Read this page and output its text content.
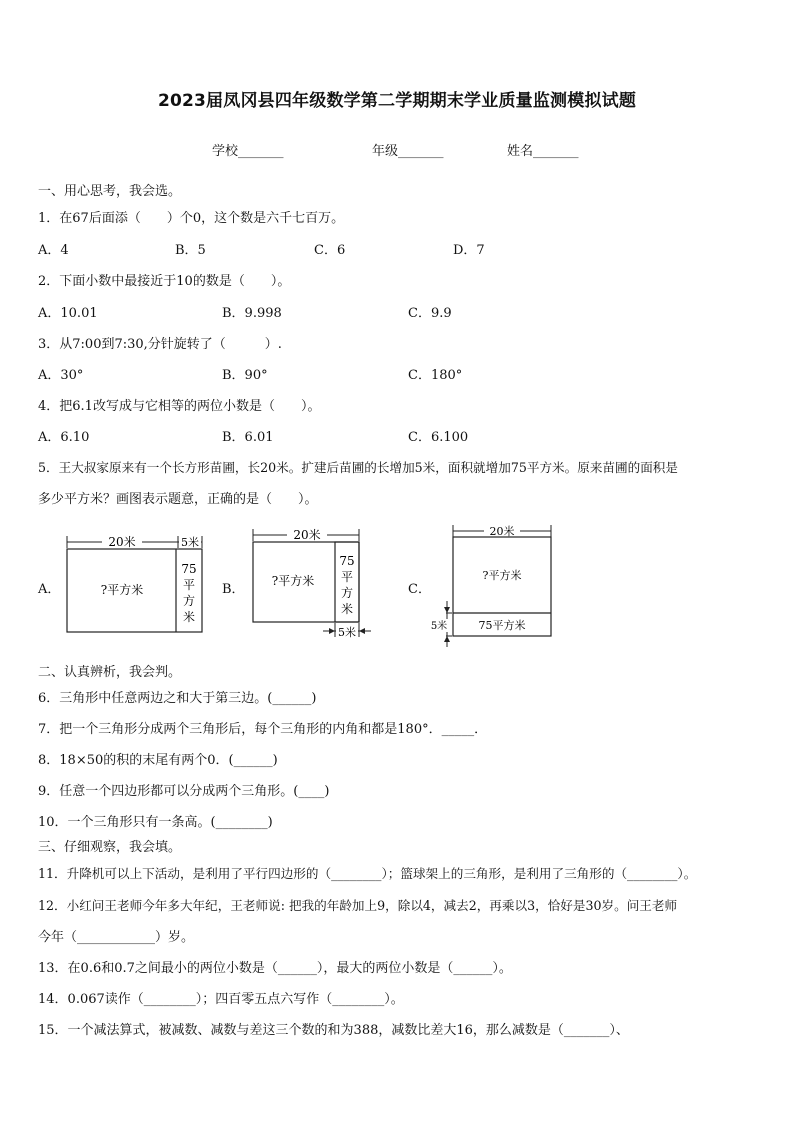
2023届凤冈县四年级数学第二学期期末学业质量监测模拟试题
学校_______	年级_______	姓名_______
一、用心思考，我会选。
1．在67后面添（　　）个0，这个数是六千七百万。
A．4	B．5	C．6	D．7
2．下面小数中最接近于10的数是（　　）。
A．10.01	B．9.998	C．9.9
3．从7:00到7:30,分针旋转了（　　　）.
A．30°	B．90°	C．180°
4．把6.1改写成与它相等的两位小数是（　　）。
A．6.10	B．6.01	C．6.100
5．王大叔家原来有一个长方形苗圃，长20米。扩建后苗圃的长增加5米，面积就增加75平方米。原来苗圃的面积是
多少平方米？画图表示题意，正确的是（　　）。
A．	B．	C．
20米	5米
?平方米
75
平
方
米
20米
?平方米
75
平
方
米
5米
20米
?平方米
75平方米
5米
二、认真辨析，我会判。
6．三角形中任意两边之和大于第三边。(______)
7．把一个三角形分成两个三角形后，每个三角形的内角和都是180°．_____．
8．18×50的积的末尾有两个0．(______)
9．任意一个四边形都可以分成两个三角形。(____)
10．一个三角形只有一条高。(________)
三、仔细观察，我会填。
11．升降机可以上下活动，是利用了平行四边形的（________）；篮球架上的三角形，是利用了三角形的（________）。
12．小红问王老师今年多大年纪，王老师说: 把我的年龄加上9，除以4，减去2，再乘以3，恰好是30岁。问王老师
今年（____________）岁。
13．在0.6和0.7之间最小的两位小数是（______），最大的两位小数是（______）。
14．0.067读作（________）；四百零五点六写作（________）。
15．一个减法算式，被减数、减数与差这三个数的和为388，减数比差大16，那么减数是（_______）、
